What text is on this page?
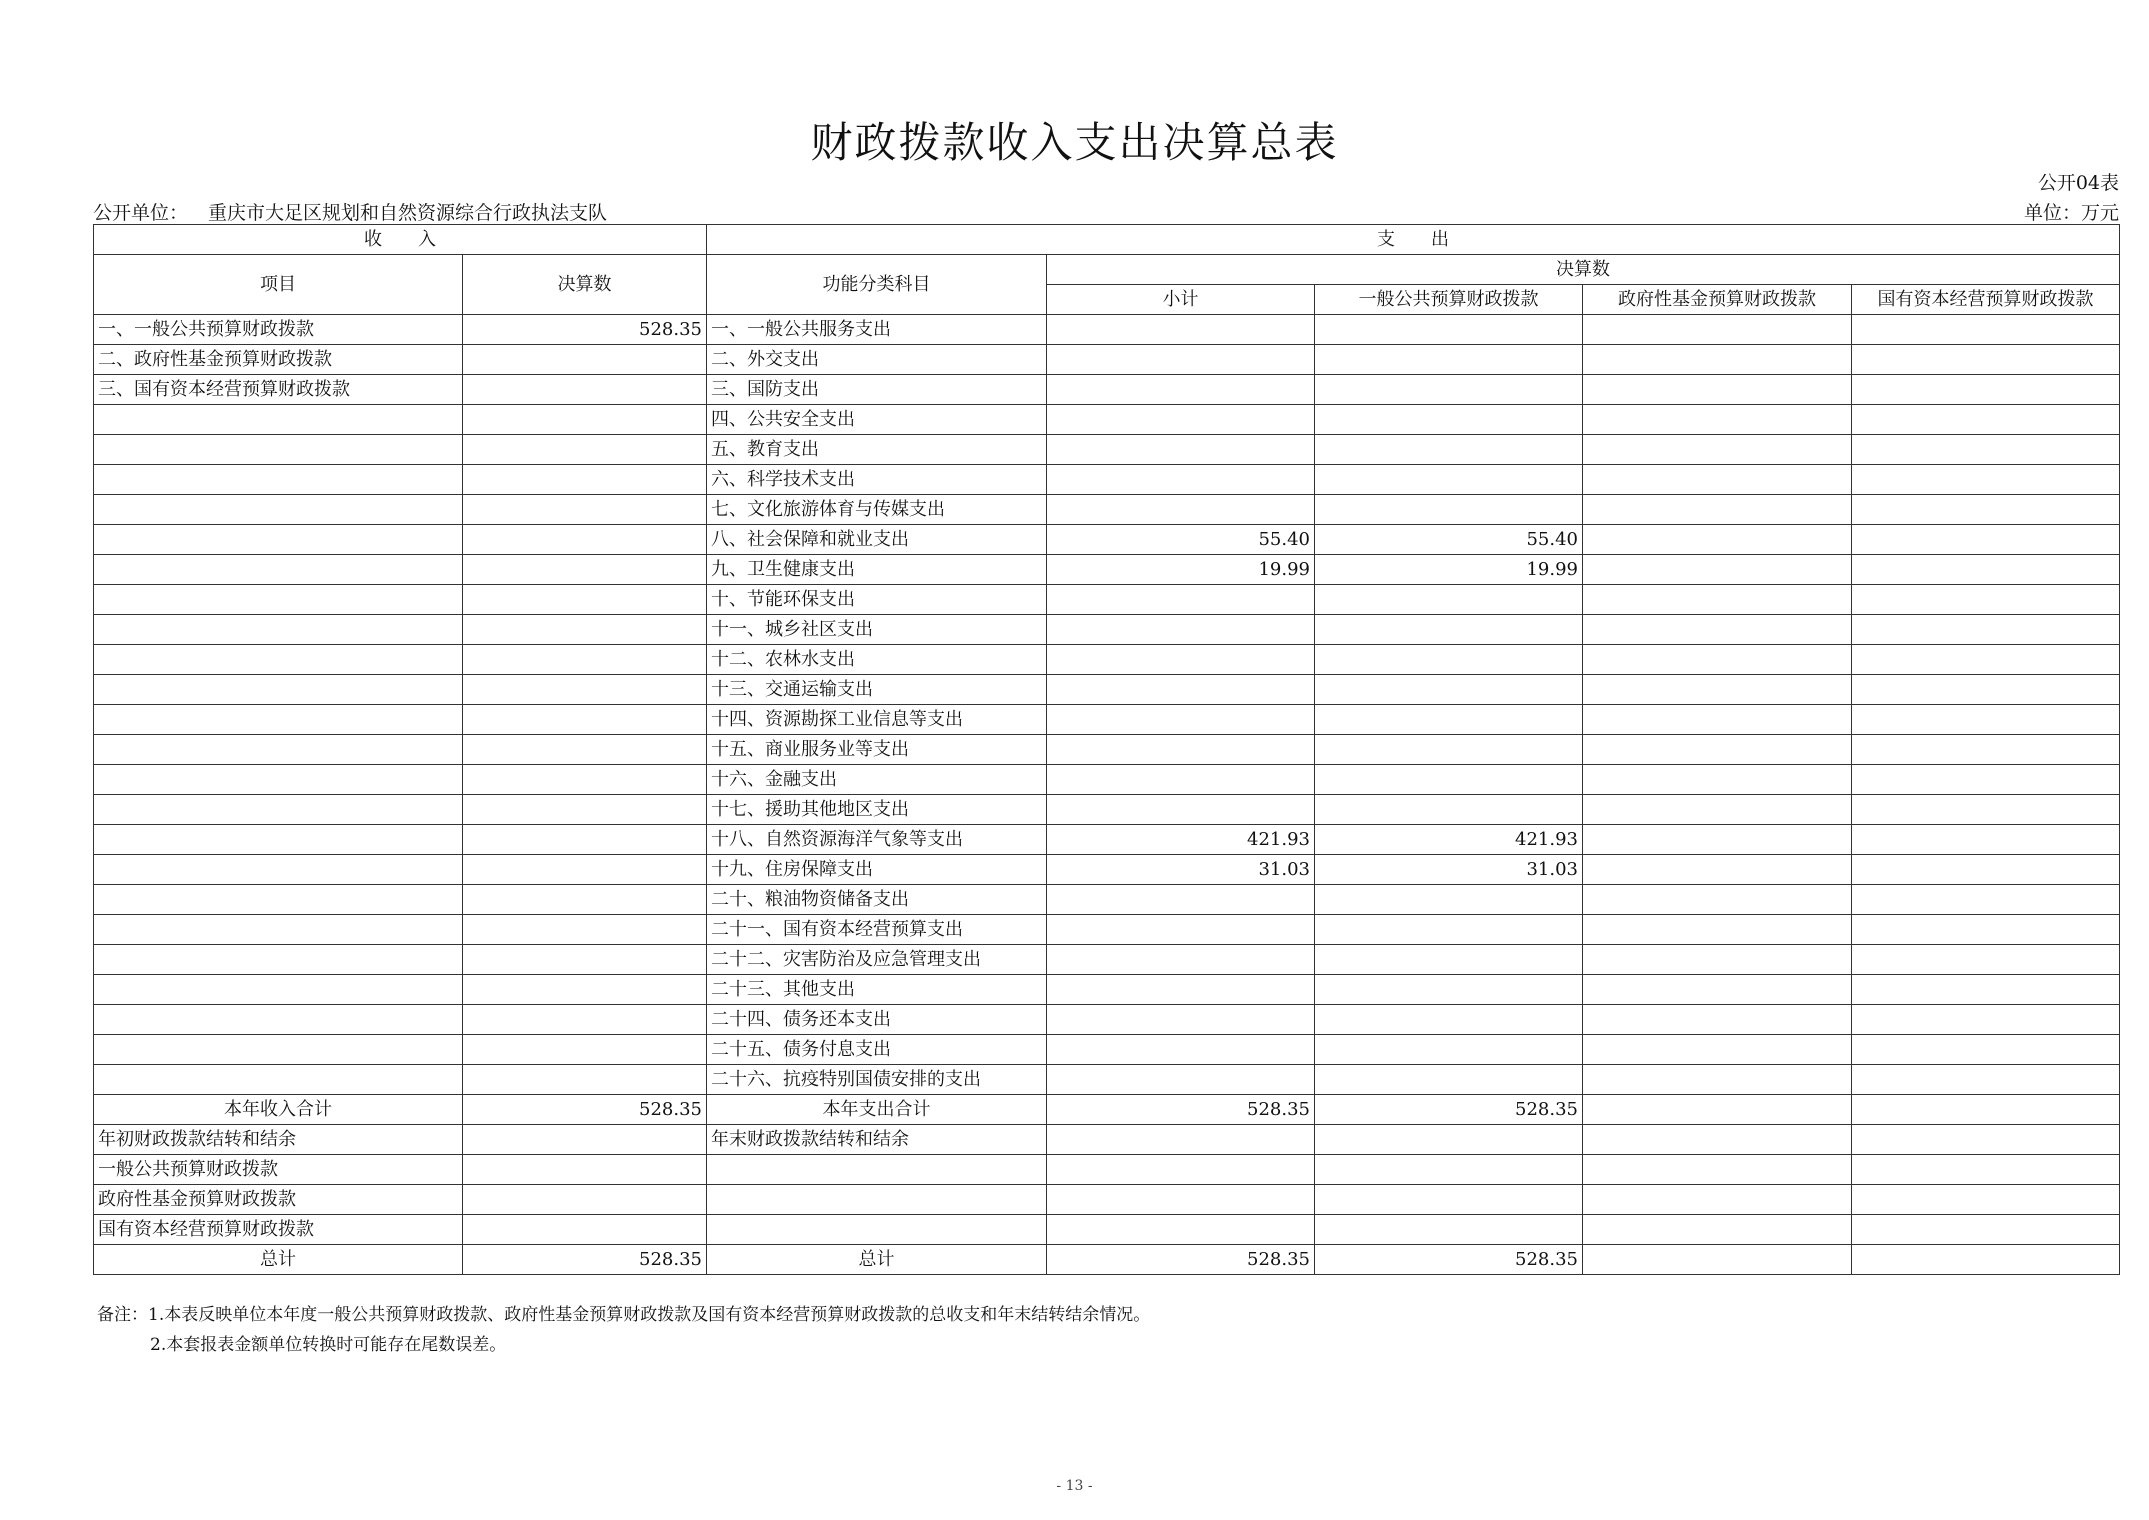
财政拨款收入支出决算总表
公开04表
公开单位： 重庆市大足区规划和自然资源综合行政执法支队	单位：万元
收　　入		支　　出				
项目	决算数	功能分类科目	决算数			
			小计	一般公共预算财政拨款	政府性基金预算财政拨款	国有资本经营预算财政拨款
一、一般公共预算财政拨款	528.35	一、一般公共服务支出				
二、政府性基金预算财政拨款		二、外交支出				
三、国有资本经营预算财政拨款		三、国防支出				
		四、公共安全支出				
		五、教育支出				
		六、科学技术支出				
		七、文化旅游体育与传媒支出				
		八、社会保障和就业支出	55.40	55.40		
		九、卫生健康支出	19.99	19.99		
		十、节能环保支出				
		十一、城乡社区支出				
		十二、农林水支出				
		十三、交通运输支出				
		十四、资源勘探工业信息等支出				
		十五、商业服务业等支出				
		十六、金融支出				
		十七、援助其他地区支出				
		十八、自然资源海洋气象等支出	421.93	421.93		
		十九、住房保障支出	31.03	31.03		
		二十、粮油物资储备支出				
		二十一、国有资本经营预算支出				
		二十二、灾害防治及应急管理支出				
		二十三、其他支出				
		二十四、债务还本支出				
		二十五、债务付息支出				
		二十六、抗疫特别国债安排的支出				
本年收入合计	528.35	本年支出合计	528.35	528.35		
年初财政拨款结转和结余		年末财政拨款结转和结余				
一般公共预算财政拨款						
政府性基金预算财政拨款						
国有资本经营预算财政拨款						
总计	528.35	总计	528.35	528.35		
备注：1.本表反映单位本年度一般公共预算财政拨款、政府性基金预算财政拨款及国有资本经营预算财政拨款的总收支和年末结转结余情况。
2.本套报表金额单位转换时可能存在尾数误差。
- 13 -
